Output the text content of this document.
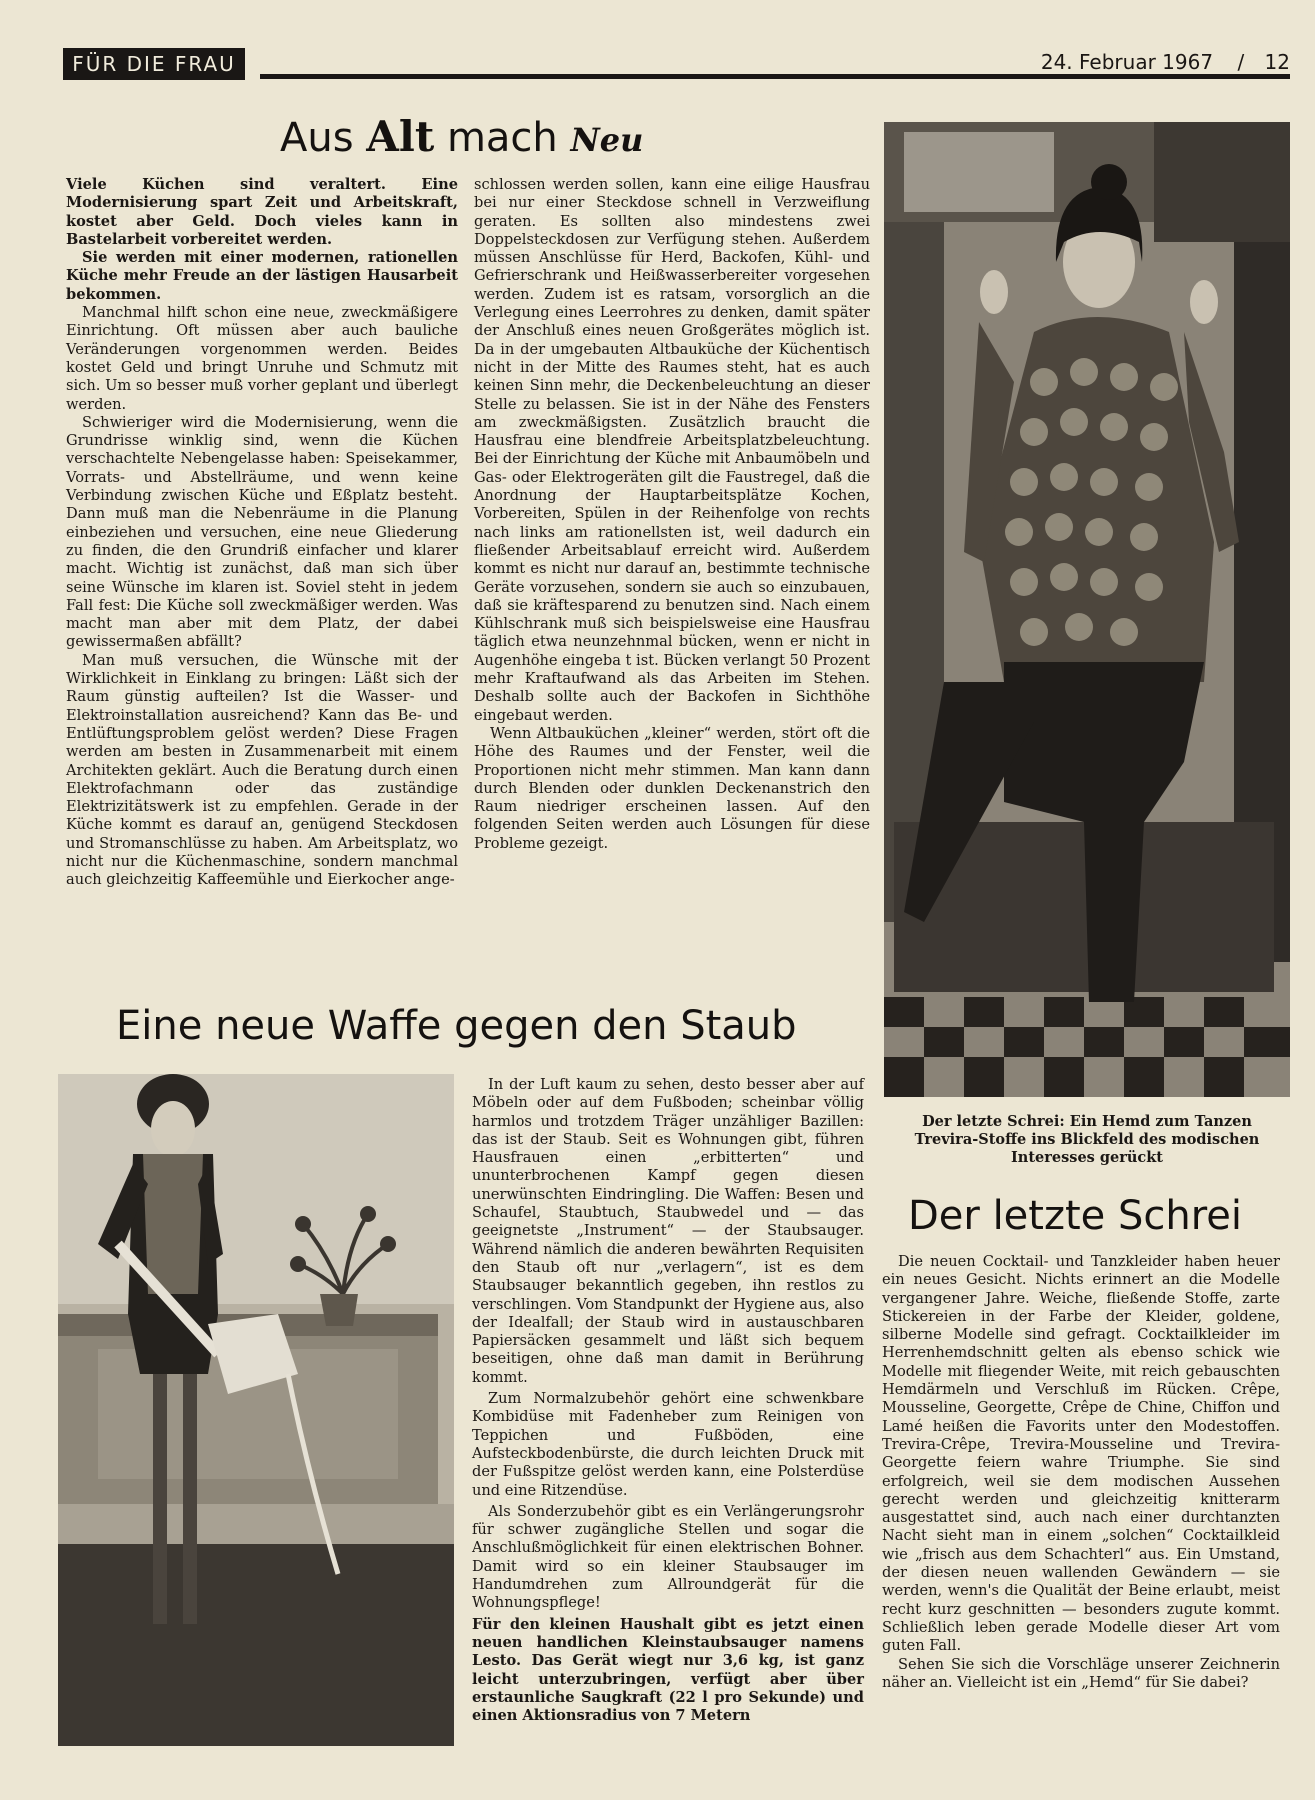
FÜR DIE FRAU	24. Februar 1967 / 12
Aus Alt mach Neu

Viele Küchen sind veraltert. Eine Modernisierung spart Zeit und Arbeitskraft, kostet aber Geld. Doch vieles kann in Bastelarbeit vorbereitet werden.

Sie werden mit einer modernen, rationellen Küche mehr Freude an der lästigen Hausarbeit bekommen.

Manchmal hilft schon eine neue, zweckmäßigere Einrichtung. Oft müssen aber auch bauliche Veränderungen vorgenommen werden. Beides kostet Geld und bringt Unruhe und Schmutz mit sich. Um so besser muß vorher geplant und überlegt werden.

Schwieriger wird die Modernisierung, wenn die Grundrisse winklig sind, wenn die Küchen verschachtelte Nebengelasse haben: Speisekammer, Vorrats- und Abstellräume, und wenn keine Verbindung zwischen Küche und Eßplatz besteht. Dann muß man die Nebenräume in die Planung einbeziehen und versuchen, eine neue Gliederung zu finden, die den Grundriß einfacher und klarer macht. Wichtig ist zunächst, daß man sich über seine Wünsche im klaren ist. Soviel steht in jedem Fall fest: Die Küche soll zweckmäßiger werden. Was macht man aber mit dem Platz, der dabei gewissermaßen abfällt?

Man muß versuchen, die Wünsche mit der Wirklichkeit in Einklang zu bringen: Läßt sich der Raum günstig aufteilen? Ist die Wasser- und Elektroinstallation ausreichend? Kann das Be- und Entlüftungsproblem gelöst werden? Diese Fragen werden am besten in Zusammenarbeit mit einem Architekten geklärt. Auch die Beratung durch einen Elektrofachmann oder das zuständige Elektrizitätswerk ist zu empfehlen. Gerade in der Küche kommt es darauf an, genügend Steckdosen und Stromanschlüsse zu haben. Am Arbeitsplatz, wo nicht nur die Küchenmaschine, sondern manchmal auch gleichzeitig Kaffeemühle und Eierkocher ange-

schlossen werden sollen, kann eine eilige Hausfrau bei nur einer Steckdose schnell in Verzweiflung geraten. Es sollten also mindestens zwei Doppelsteckdosen zur Verfügung stehen. Außerdem müssen Anschlüsse für Herd, Backofen, Kühl- und Gefrierschrank und Heißwasserbereiter vorgesehen werden. Zudem ist es ratsam, vorsorglich an die Verlegung eines Leerrohres zu denken, damit später der Anschluß eines neuen Großgerätes möglich ist. Da in der umgebauten Altbauküche der Küchentisch nicht in der Mitte des Raumes steht, hat es auch keinen Sinn mehr, die Deckenbeleuchtung an dieser Stelle zu belassen. Sie ist in der Nähe des Fensters am zweckmäßigsten. Zusätzlich braucht die Hausfrau eine blendfreie Arbeitsplatzbeleuchtung. Bei der Einrichtung der Küche mit Anbaumöbeln und Gas- oder Elektrogeräten gilt die Faustregel, daß die Anordnung der Hauptarbeitsplätze Kochen, Vorbereiten, Spülen in der Reihenfolge von rechts nach links am rationellsten ist, weil dadurch ein fließender Arbeitsablauf erreicht wird. Außerdem kommt es nicht nur darauf an, bestimmte technische Geräte vorzusehen, sondern sie auch so einzubauen, daß sie kräftesparend zu benutzen sind. Nach einem Kühlschrank muß sich beispielsweise eine Hausfrau täglich etwa neunzehnmal bücken, wenn er nicht in Augenhöhe eingeba t ist. Bücken verlangt 50 Prozent mehr Kraftaufwand als das Arbeiten im Stehen. Deshalb sollte auch der Backofen in Sichthöhe eingebaut werden.

Wenn Altbauküchen „kleiner“ werden, stört oft die Höhe des Raumes und der Fenster, weil die Proportionen nicht mehr stimmen. Man kann dann durch Blenden oder dunklen Deckenanstrich den Raum niedriger erscheinen lassen. Auf den folgenden Seiten werden auch Lösungen für diese Probleme gezeigt.

Der letzte Schrei: Ein Hemd zum Tanzen
Trevira-Stoffe ins Blickfeld des modischen
Interesses gerückt
Eine neue Waffe gegen den Staub

In der Luft kaum zu sehen, desto besser aber auf Möbeln oder auf dem Fußboden; scheinbar völlig harmlos und trotzdem Träger unzähliger Bazillen: das ist der Staub. Seit es Wohnungen gibt, führen Hausfrauen einen „erbitterten“ und ununterbrochenen Kampf gegen diesen unerwünschten Eindringling. Die Waffen: Besen und Schaufel, Staubtuch, Staubwedel und — das geeignetste „Instrument“ — der Staubsauger. Während nämlich die anderen bewährten Requisiten den Staub oft nur „verlagern“, ist es dem Staubsauger bekanntlich gegeben, ihn restlos zu verschlingen. Vom Standpunkt der Hygiene aus, also der Idealfall; der Staub wird in austauschbaren Papiersäcken gesammelt und läßt sich bequem beseitigen, ohne daß man damit in Berührung kommt.

Zum Normalzubehör gehört eine schwenkbare Kombidüse mit Fadenheber zum Reinigen von Teppichen und Fußböden, eine Aufsteckbodenbürste, die durch leichten Druck mit der Fußspitze gelöst werden kann, eine Polsterdüse und eine Ritzendüse.

Als Sonderzubehör gibt es ein Verlängerungsrohr für schwer zugängliche Stellen und sogar die Anschlußmöglichkeit für einen elektrischen Bohner. Damit wird so ein kleiner Staubsauger im Handumdrehen zum Allroundgerät für die Wohnungspflege!

Für den kleinen Haushalt gibt es jetzt einen neuen handlichen Kleinstaubsauger namens Lesto. Das Gerät wiegt nur 3,6 kg, ist ganz leicht unterzubringen, verfügt aber über erstaunliche Saugkraft (22 l pro Sekunde) und einen Aktionsradius von 7 Metern

Der letzte Schrei

Die neuen Cocktail- und Tanzkleider haben heuer ein neues Gesicht. Nichts erinnert an die Modelle vergangener Jahre. Weiche, fließende Stoffe, zarte Stickereien in der Farbe der Kleider, goldene, silberne Modelle sind gefragt. Cocktailkleider im Herrenhemdschnitt gelten als ebenso schick wie Modelle mit fliegender Weite, mit reich gebauschten Hemdärmeln und Verschluß im Rücken. Crêpe, Mousseline, Georgette, Crêpe de Chine, Chiffon und Lamé heißen die Favorits unter den Modestoffen. Trevira-Crêpe, Trevira-Mousseline und Trevira-Georgette feiern wahre Triumphe. Sie sind erfolgreich, weil sie dem modischen Aussehen gerecht werden und gleichzeitig knitterarm ausgestattet sind, auch nach einer durchtanzten Nacht sieht man in einem „solchen“ Cocktailkleid wie „frisch aus dem Schachterl“ aus. Ein Umstand, der diesen neuen wallenden Gewändern — sie werden, wenn's die Qualität der Beine erlaubt, meist recht kurz geschnitten — besonders zugute kommt. Schließlich leben gerade Modelle dieser Art vom guten Fall.

Sehen Sie sich die Vorschläge unserer Zeichnerin näher an. Vielleicht ist ein „Hemd“ für Sie dabei?
